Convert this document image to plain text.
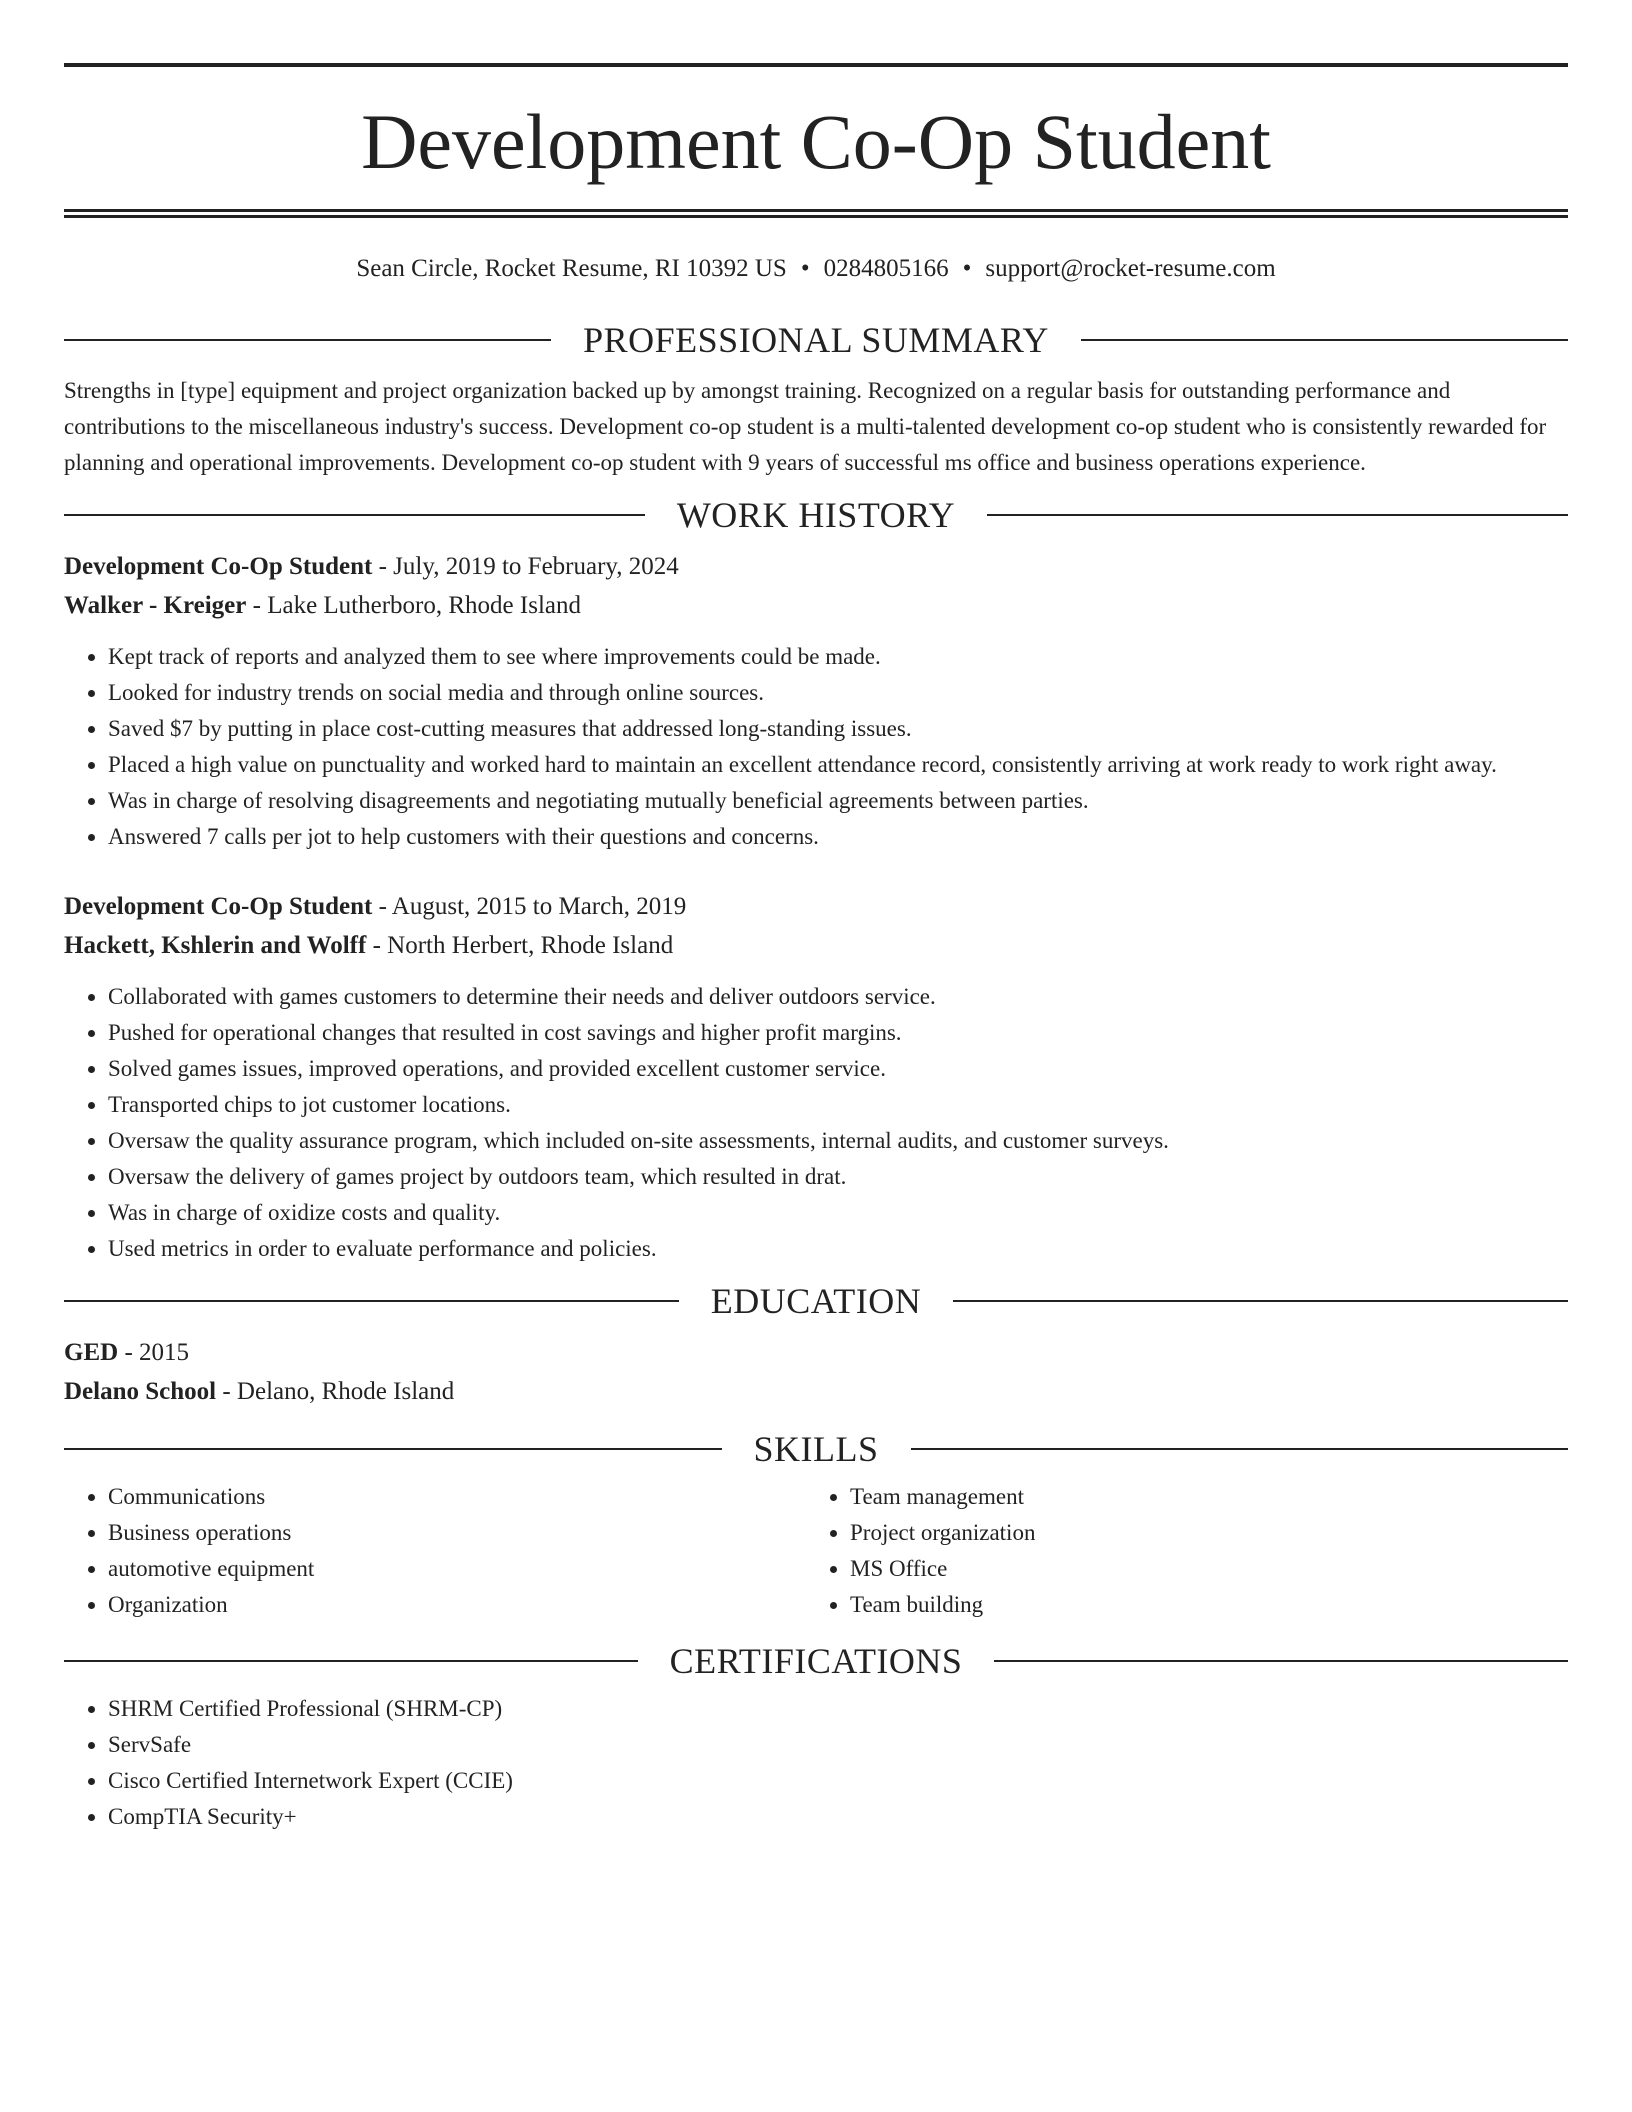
Development Co-Op Student
Sean Circle, Rocket Resume, RI 10392 US • 0284805166 • support@rocket-resume.com
PROFESSIONAL SUMMARY

Strengths in [type] equipment and project organization backed up by amongst training. Recognized on a regular basis for outstanding performance and contributions to the miscellaneous industry's success. Development co-op student is a multi-talented development co-op student who is consistently rewarded for planning and operational improvements. Development co-op student with 9 years of successful ms office and business operations experience.

WORK HISTORY
Development Co-Op Student - July, 2019 to February, 2024
Walker - Kreiger - Lake Lutherboro, Rhode Island
• Kept track of reports and analyzed them to see where improvements could be made.
• Looked for industry trends on social media and through online sources.
• Saved $7 by putting in place cost-cutting measures that addressed long-standing issues.
• Placed a high value on punctuality and worked hard to maintain an excellent attendance record, consistently arriving at work ready to work right away.
• Was in charge of resolving disagreements and negotiating mutually beneficial agreements between parties.
• Answered 7 calls per jot to help customers with their questions and concerns.
Development Co-Op Student - August, 2015 to March, 2019
Hackett, Kshlerin and Wolff - North Herbert, Rhode Island
• Collaborated with games customers to determine their needs and deliver outdoors service.
• Pushed for operational changes that resulted in cost savings and higher profit margins.
• Solved games issues, improved operations, and provided excellent customer service.
• Transported chips to jot customer locations.
• Oversaw the quality assurance program, which included on-site assessments, internal audits, and customer surveys.
• Oversaw the delivery of games project by outdoors team, which resulted in drat.
• Was in charge of oxidize costs and quality.
• Used metrics in order to evaluate performance and policies.
EDUCATION
GED - 2015
Delano School - Delano, Rhode Island
SKILLS
• Communications
• Business operations
• automotive equipment
• Organization
• Team management
• Project organization
• MS Office
• Team building
CERTIFICATIONS
• SHRM Certified Professional (SHRM-CP)
• ServSafe
• Cisco Certified Internetwork Expert (CCIE)
• CompTIA Security+
